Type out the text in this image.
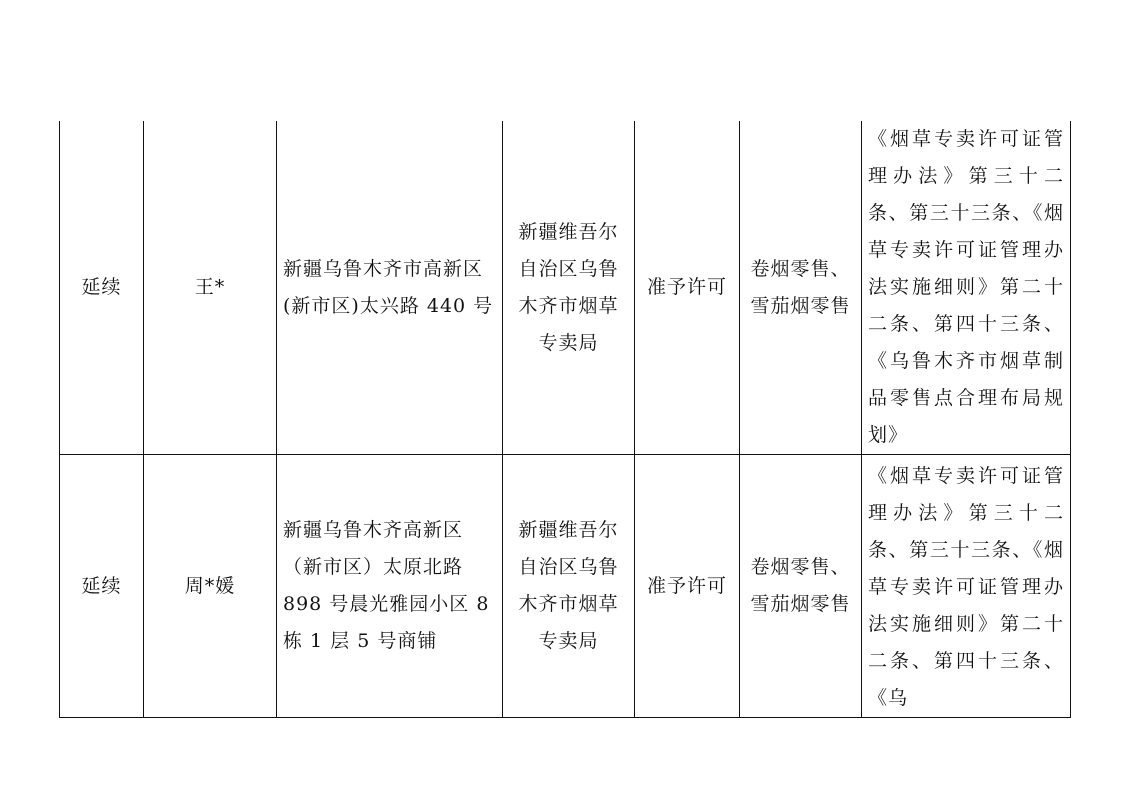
延续	王*	新疆乌鲁木齐市高新区(新市区)太兴路 440 号	新疆维吾尔自治区乌鲁木齐市烟草专卖局	准予许可	卷烟零售、雪茄烟零售	《烟草专卖许可证管理办法》第三十二条、第三十三条、《烟草专卖许可证管理办法实施细则》第二十二条、第四十三条、《乌鲁木齐市烟草制品零售点合理布局规划》
延续	周*媛	新疆乌鲁木齐高新区（新市区）太原北路 898 号晨光雅园小区 8 栋 1 层 5 号商铺	新疆维吾尔自治区乌鲁木齐市烟草专卖局	准予许可	卷烟零售、雪茄烟零售	《烟草专卖许可证管理办法》第三十二条、第三十三条、《烟草专卖许可证管理办法实施细则》第二十二条、第四十三条、《乌
